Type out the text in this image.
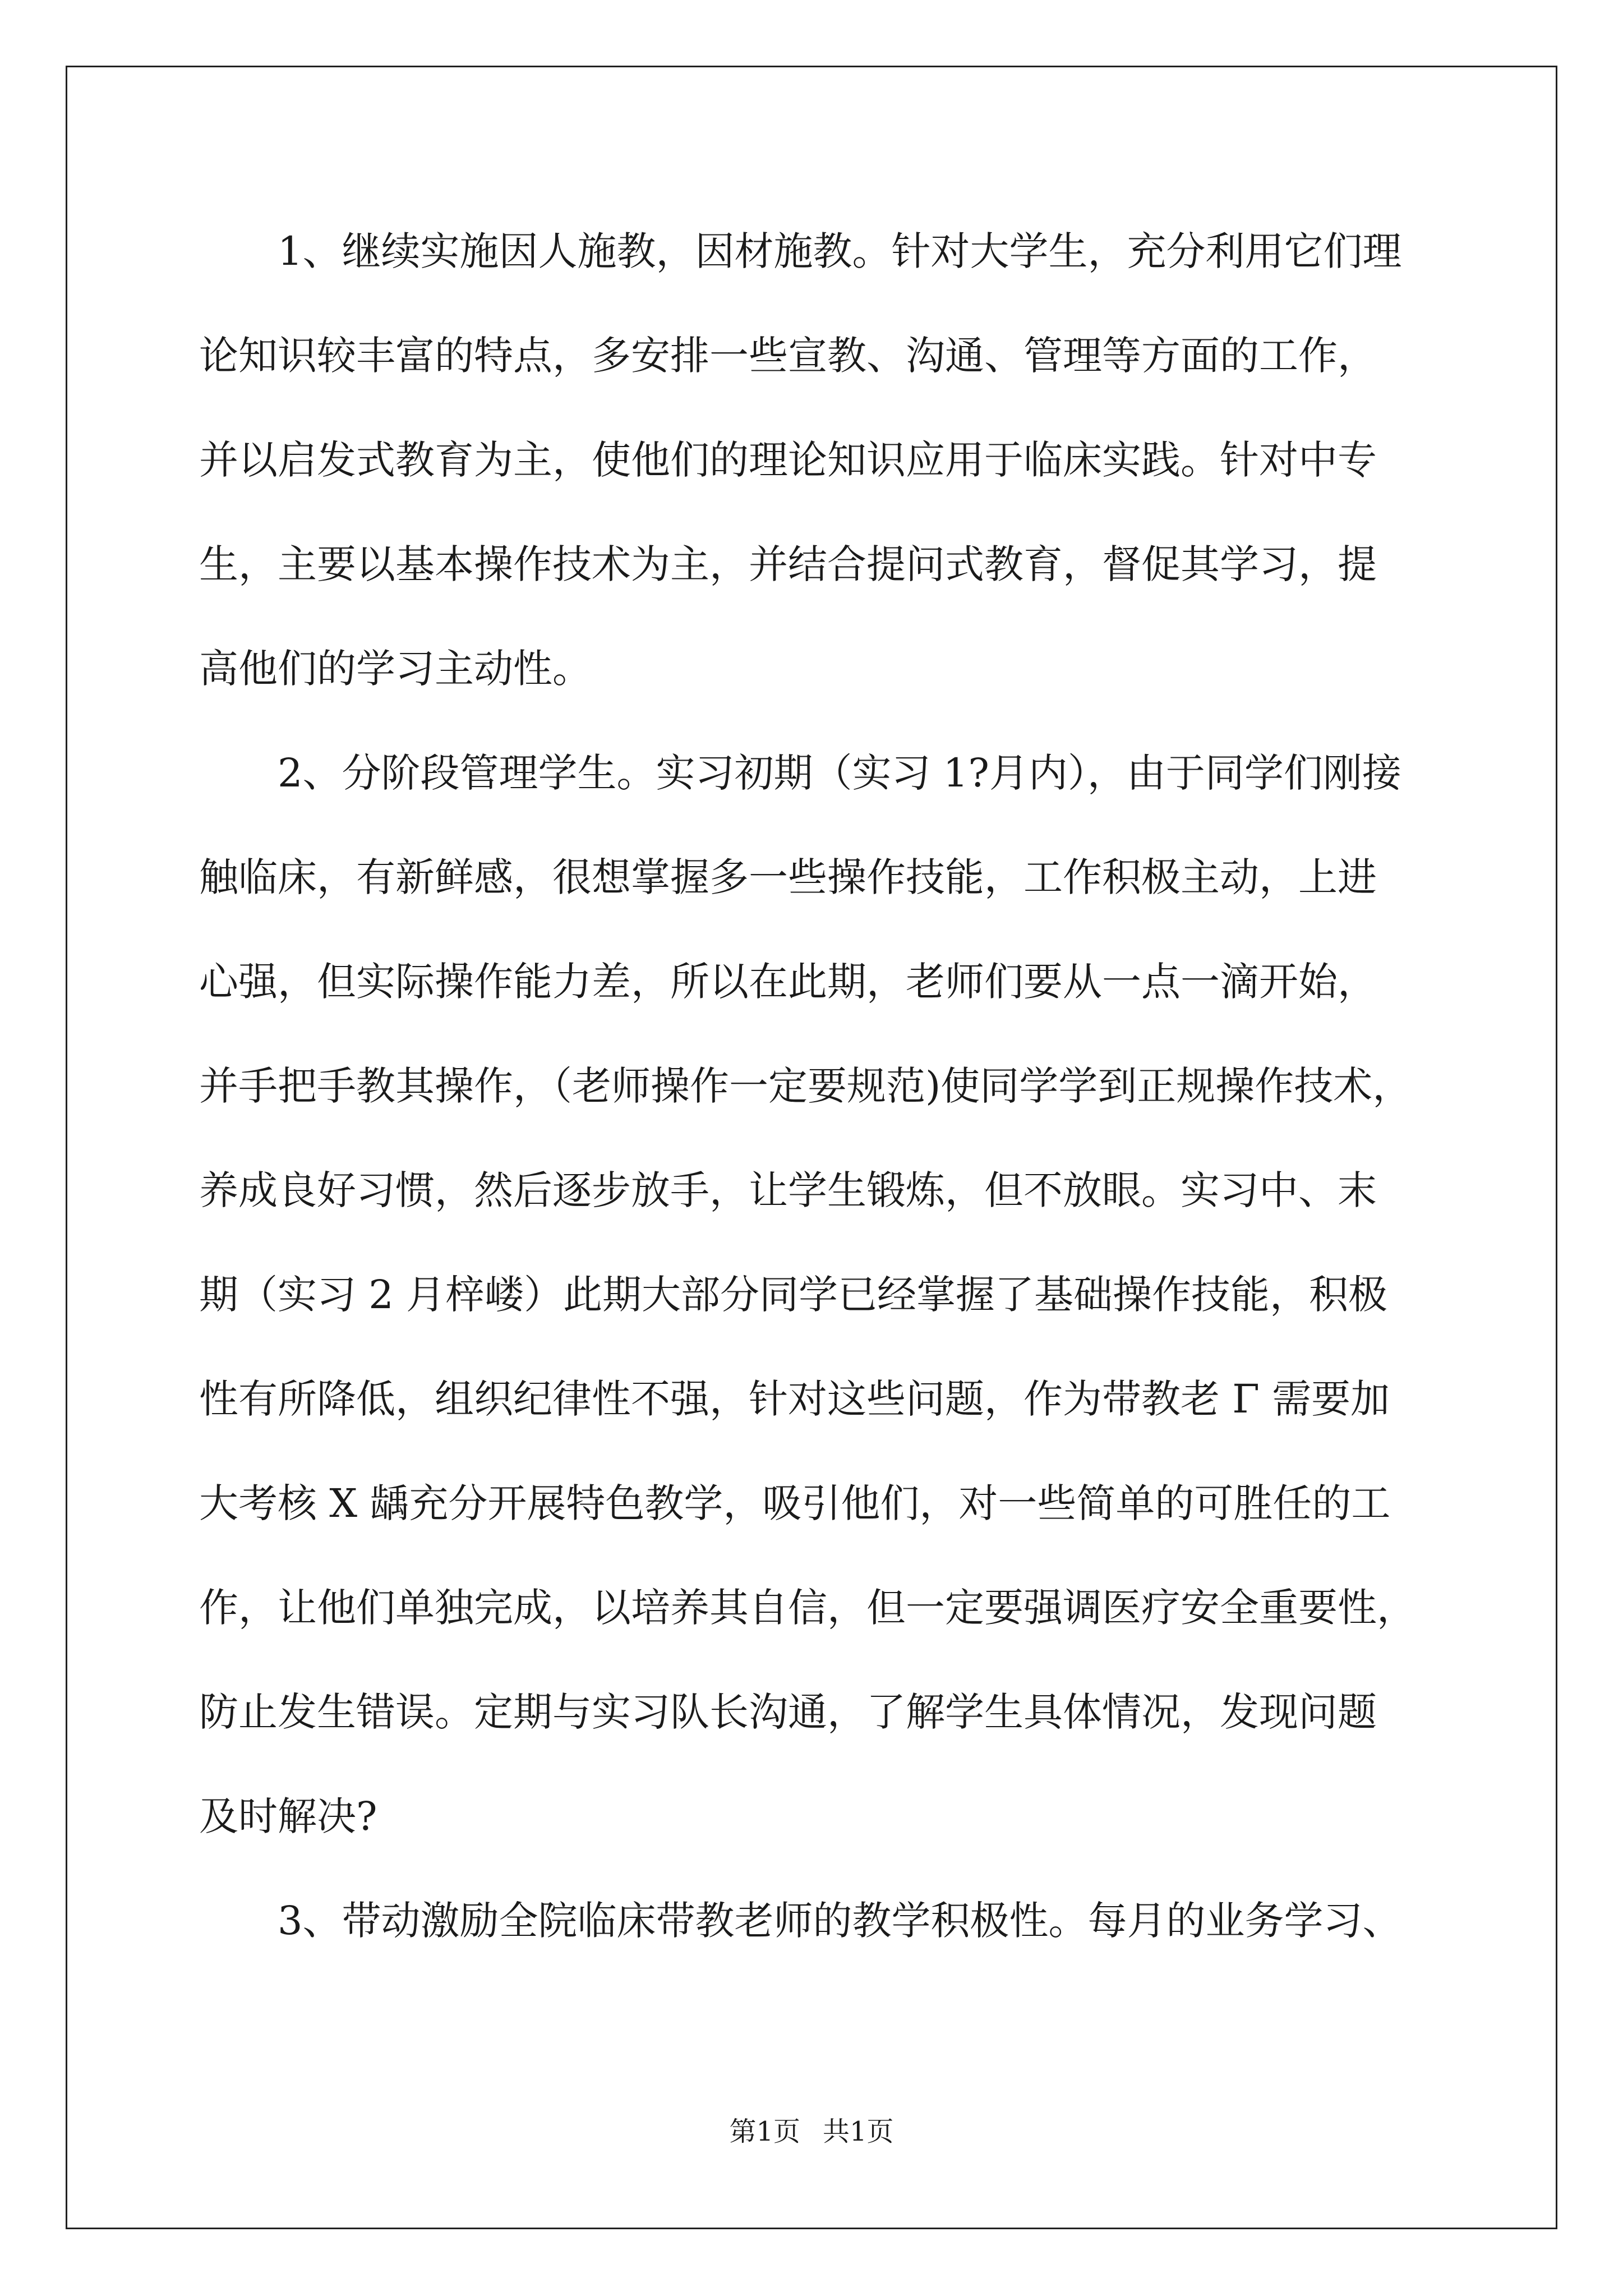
1、继续实施因人施教，因材施教。针对大学生，充分利用它们理
论知识较丰富的特点，多安排一些宣教、沟通、管理等方面的工作，
并以启发式教育为主，使他们的理论知识应用于临床实践。针对中专
生，主要以基本操作技术为主，并结合提问式教育，督促其学习，提
高他们的学习主动性。
2、分阶段管理学生。实习初期（实习 1?月内），由于同学们刚接
触临床，有新鲜感，很想掌握多一些操作技能，工作积极主动，上进
心强，但实际操作能力差，所以在此期，老师们要从一点一滴开始，
并手把手教其操作，（老师操作一定要规范)使同学学到正规操作技术，
养成良好习惯，然后逐步放手，让学生锻炼，但不放眼。实习中、末
期（实习 2 月梓嵝）此期大部分同学已经掌握了基础操作技能，积极
性有所降低，组织纪律性不强，针对这些问题，作为带教老 Γ 需要加
大考核 X 龋充分开展特色教学，吸引他们，对一些简单的可胜任的工
作，让他们单独完成，以培养其自信，但一定要强调医疗安全重要性，
防止发生错误。定期与实习队长沟通，了解学生具体情况，发现问题
及时解决?
3、带动激励全院临床带教老师的教学积极性。每月的业务学习、
第1页 共1页
